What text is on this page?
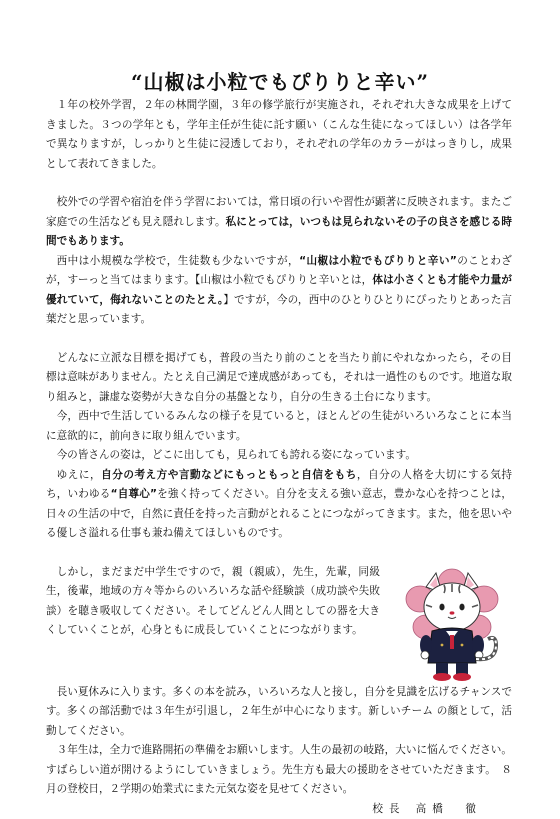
“山椒は小粒でもぴりりと辛い”

１年の校外学習，２年の林間学園，３年の修学旅行が実施され，それぞれ大きな成果を上げてきました。３つの学年とも，学年主任が生徒に託す願い（こんな生徒になってほしい）は各学年で異なりますが，しっかりと生徒に浸透しており，それぞれの学年のカラーがはっきりし，成果として表れてきました。

校外での学習や宿泊を伴う学習においては，常日頃の行いや習性が顕著に反映されます。またご家庭での生活なども見え隠れします。私にとっては，いつもは見られないその子の良さを感じる時間でもあります。

西中は小規模な学校で，生徒数も少ないですが，“山椒は小粒でもぴりりと辛い”のことわざが，すーっと当てはまります。【山椒は小粒でもぴりりと辛いとは，体は小さくとも才能や力量が優れていて，侮れないことのたとえ。】ですが，今の，西中のひとりひとりにぴったりとあった言葉だと思っています。

どんなに立派な目標を掲げても，普段の当たり前のことを当たり前にやれなかったら，その目標は意味がありません。たとえ自己満足で達成感があっても，それは一過性のものです。地道な取り組みと，謙虚な姿勢が大きな自分の基盤となり，自分の生きる土台になります。

今，西中で生活しているみんなの様子を見ていると，ほとんどの生徒がいろいろなことに本当に意欲的に，前向きに取り組んでいます。

今の皆さんの姿は，どこに出しても，見られても誇れる姿になっています。

ゆえに，自分の考え方や言動などにもっともっと自信をもち，自分の人格を大切にする気持ち，いわゆる“自尊心”を強く持ってください。自分を支える強い意志，豊かな心を持つことは，日々の生活の中で，自然に責任を持った言動がとれることにつながってきます。また，他を思いやる優しさ溢れる仕事も兼ね備えてほしいものです。

しかし，まだまだ中学生ですので，親（親戚），先生，先輩，同級生，後輩，地域の方々等からのいろいろな話や経験談（成功談や失敗談）を聴き吸収してください。そしてどんどん人間としての器を大きくしていくことが，心身ともに成長していくことにつながります。

長い夏休みに入ります。多くの本を読み，いろいろな人と接し，自分を見識を広げるチャンスです。多くの部活動では３年生が引退し，２年生が中心になります。新しいチーム の顔として，活動してください。

３年生は，全力で進路開拓の準備をお願いします。人生の最初の岐路，大いに悩んでください。すばらしい道が開けるようにしていきましょう。先生方も最大の援助をさせていただきます。　８月の登校日，２学期の始業式にまた元気な姿を見せてください。

校長 高橋　徹
